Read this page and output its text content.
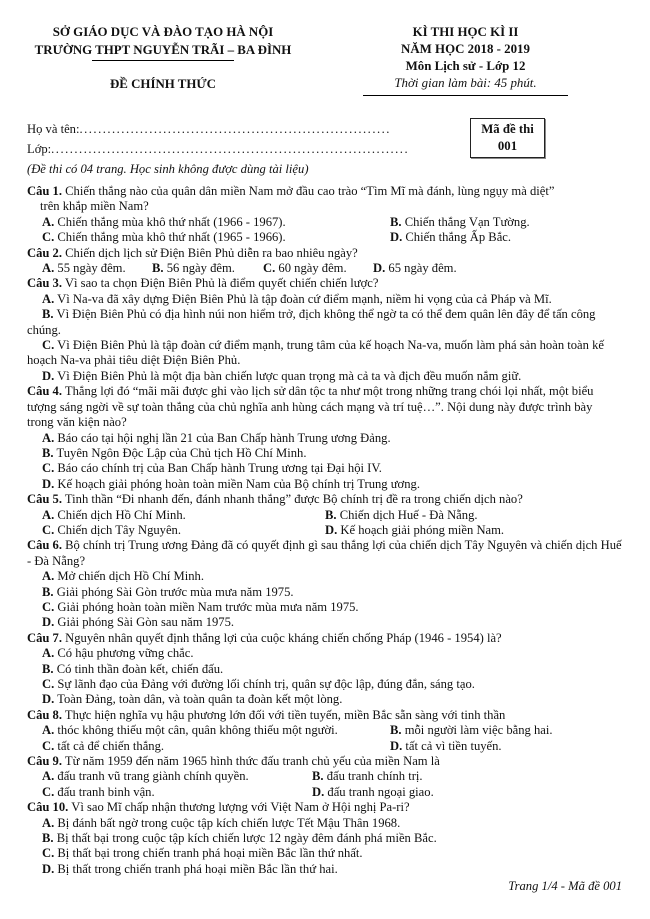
SỞ GIÁO DỤC VÀ ĐÀO TẠO HÀ NỘI
TRƯỜNG THPT NGUYỄN TRÃI – BA ĐÌNH
ĐỀ CHÍNH THỨC
KÌ THI HỌC KÌ II
NĂM HỌC 2018 - 2019
Môn Lịch sử - Lớp 12
Thời gian làm bài: 45 phút.
Mã đề thi
001
Họ và tên:...................................................................
Lớp:.............................................................................
(Đề thi có 04 trang. Học sinh không được dùng tài liệu)
Câu 1. Chiến thắng nào của quân dân miền Nam mở đầu cao trào “Tìm Mĩ mà đánh, lùng ngụy mà diệt”
trên khắp miền Nam?
A. Chiến thắng mùa khô thứ nhất (1966 - 1967).	B. Chiến thắng Vạn Tường.
C. Chiến thắng mùa khô thứ nhất (1965 - 1966).	D. Chiến thắng Ấp Bắc.
Câu 2. Chiến dịch lịch sử Điện Biên Phủ diễn ra bao nhiêu ngày?
A. 55 ngày đêm.	B. 56 ngày đêm.	C. 60 ngày đêm.	D. 65 ngày đêm.
Câu 3. Vì sao ta chọn Điện Biên Phủ là điểm quyết chiến chiến lược?
A. Vì Na-va đã xây dựng Điện Biên Phủ là tập đoàn cứ điểm mạnh, niềm hi vọng của cả Pháp và Mĩ.
B. Vì Điện Biên Phủ có địa hình núi non hiểm trở, địch không thể ngờ ta có thể đem quân lên đây để tấn công chúng.
C. Vì Điện Biên Phủ là tập đoàn cứ điểm mạnh, trung tâm của kế hoạch Na-va, muốn làm phá sản hoàn toàn kế hoạch Na-va phải tiêu diệt Điện Biên Phủ.
D. Vì Điện Biên Phủ là một địa bàn chiến lược quan trọng mà cả ta và địch đều muốn nắm giữ.
Câu 4. Thắng lợi đó “mãi mãi được ghi vào lịch sử dân tộc ta như một trong những trang chói lọi nhất, một biểu tượng sáng ngời về sự toàn thắng của chủ nghĩa anh hùng cách mạng và trí tuệ…”. Nội dung này được trình bày trong văn kiện nào?
A. Báo cáo tại hội nghị lần 21 của Ban Chấp hành Trung ương Đảng.
B. Tuyên Ngôn Độc Lập của Chủ tịch Hồ Chí Minh.
C. Báo cáo chính trị của Ban Chấp hành Trung ương tại Đại hội IV.
D. Kế hoạch giải phóng hoàn toàn miền Nam của Bộ chính trị Trung ương.
Câu 5. Tinh thần “Đi nhanh đến, đánh nhanh thắng” được Bộ chính trị đề ra trong chiến dịch nào?
A. Chiến dịch Hồ Chí Minh.	B. Chiến dịch Huế - Đà Nẵng.
C. Chiến dịch Tây Nguyên.	D. Kế hoạch giải phóng miền Nam.
Câu 6. Bộ chính trị Trung ương Đảng đã có quyết định gì sau thắng lợi của chiến dịch Tây Nguyên và chiến dịch Huế - Đà Nẵng?
A. Mở chiến dịch Hồ Chí Minh.
B. Giải phóng Sài Gòn trước mùa mưa năm 1975.
C. Giải phóng hoàn toàn miền Nam trước mùa mưa năm 1975.
D. Giải phóng Sài Gòn sau năm 1975.
Câu 7. Nguyên nhân quyết định thắng lợi của cuộc kháng chiến chống Pháp (1946 - 1954) là?
A. Có hậu phương vững chắc.
B. Có tinh thần đoàn kết, chiến đấu.
C. Sự lãnh đạo của Đảng với đường lối chính trị, quân sự độc lập, đúng đắn, sáng tạo.
D. Toàn Đảng, toàn dân, và toàn quân ta đoàn kết một lòng.
Câu 8. Thực hiện nghĩa vụ hậu phương lớn đối với tiền tuyến, miền Bắc sẵn sàng với tinh thần
A. thóc không thiếu một cân, quân không thiếu một người.	B. mỗi người làm việc bằng hai.
C. tất cả để chiến thắng.	D. tất cả vì tiền tuyến.
Câu 9. Từ năm 1959 đến năm 1965 hình thức đấu tranh chủ yếu của miền Nam là
A. đấu tranh vũ trang giành chính quyền.	B. đấu tranh chính trị.
C. đấu tranh binh vận.	D. đấu tranh ngoại giao.
Câu 10. Vì sao Mĩ chấp nhận thương lượng với Việt Nam ở Hội nghị Pa-ri?
A. Bị đánh bất ngờ trong cuộc tập kích chiến lược Tết Mậu Thân 1968.
B. Bị thất bại trong cuộc tập kích chiến lược 12 ngày đêm đánh phá miền Bắc.
C. Bị thất bại trong chiến tranh phá hoại miền Bắc lần thứ nhất.
D. Bị thất trong chiến tranh phá hoại miền Bắc lần thứ hai.
Trang 1/4 - Mã đề 001
